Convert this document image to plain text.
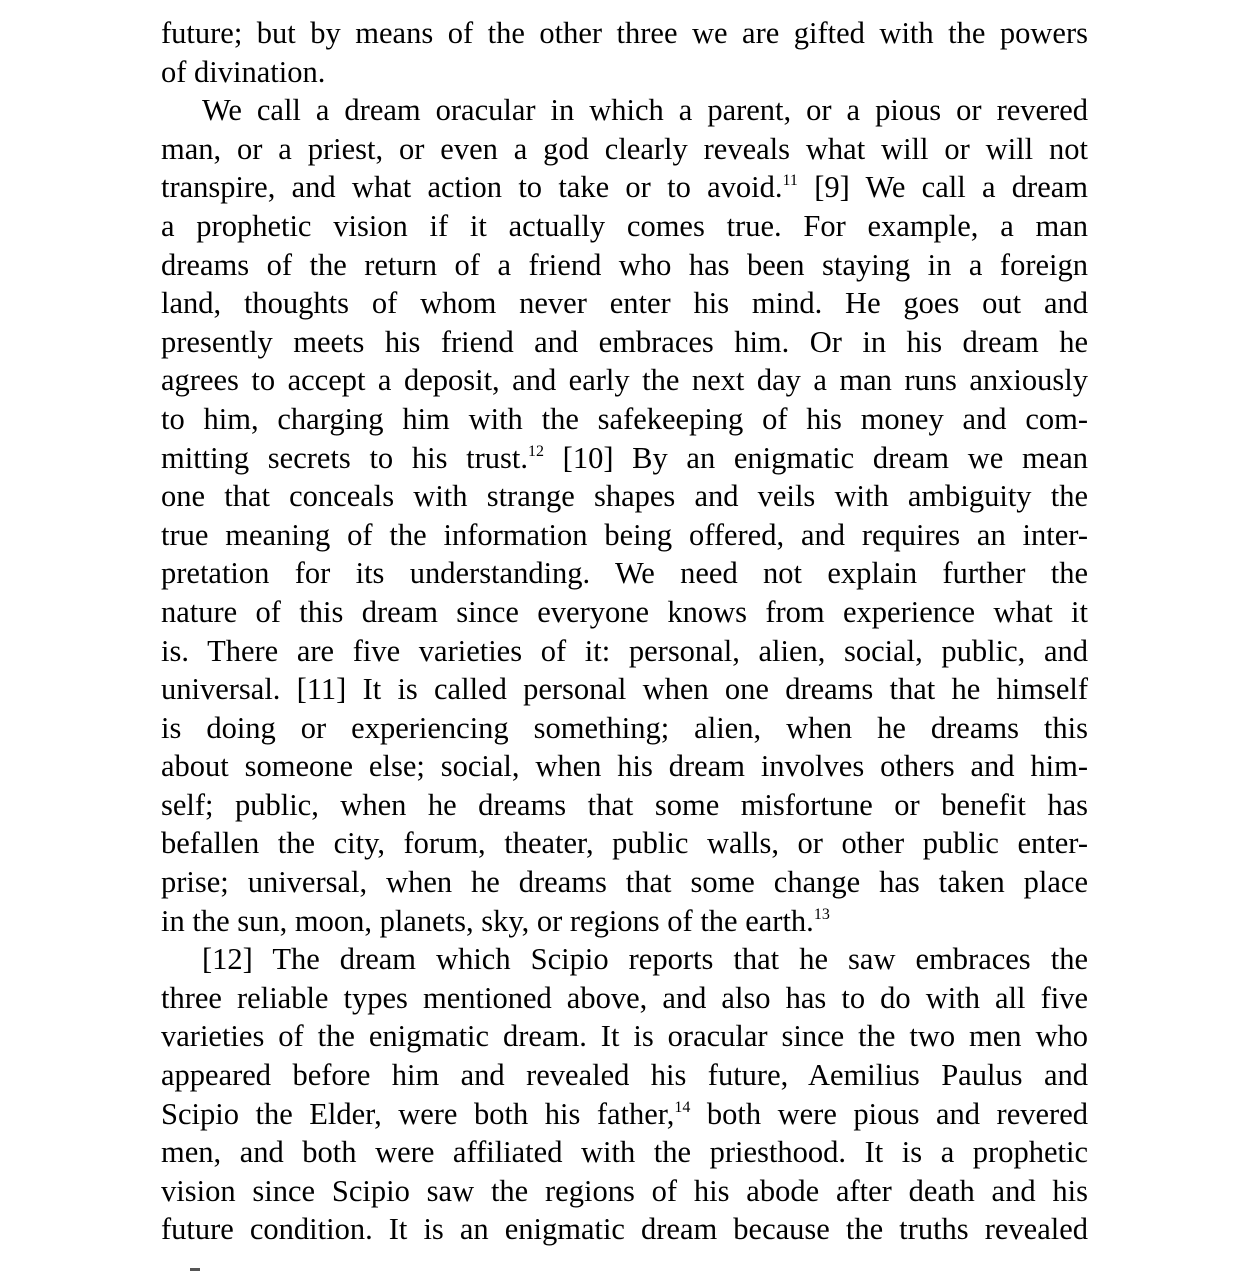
future; but by means of the other three we are gifted with the powers
of divination.
We call a dream oracular in which a parent, or a pious or revered
man, or a priest, or even a god clearly reveals what will or will not
transpire, and what action to take or to avoid.$^{11}$ [9] We call a dream
a prophetic vision if it actually comes true. For example, a man
dreams of the return of a friend who has been staying in a foreign
land, thoughts of whom never enter his mind. He goes out and
presently meets his friend and embraces him. Or in his dream he
agrees to accept a deposit, and early the next day a man runs anxiously
to him, charging him with the safekeeping of his money and com-
mitting secrets to his trust.$^{12}$ [10] By an enigmatic dream we mean
one that conceals with strange shapes and veils with ambiguity the
true meaning of the information being offered, and requires an inter-
pretation for its understanding. We need not explain further the
nature of this dream since everyone knows from experience what it
is. There are five varieties of it: personal, alien, social, public, and
universal. [11] It is called personal when one dreams that he himself
is doing or experiencing something; alien, when he dreams this
about someone else; social, when his dream involves others and him-
self; public, when he dreams that some misfortune or benefit has
befallen the city, forum, theater, public walls, or other public enter-
prise; universal, when he dreams that some change has taken place
in the sun, moon, planets, sky, or regions of the earth.$^{13}$
[12] The dream which Scipio reports that he saw embraces the
three reliable types mentioned above, and also has to do with all five
varieties of the enigmatic dream. It is oracular since the two men who
appeared before him and revealed his future, Aemilius Paulus and
Scipio the Elder, were both his father,$^{14}$ both were pious and revered
men, and both were affiliated with the priesthood. It is a prophetic
vision since Scipio saw the regions of his abode after death and his
future condition. It is an enigmatic dream because the truths revealed
